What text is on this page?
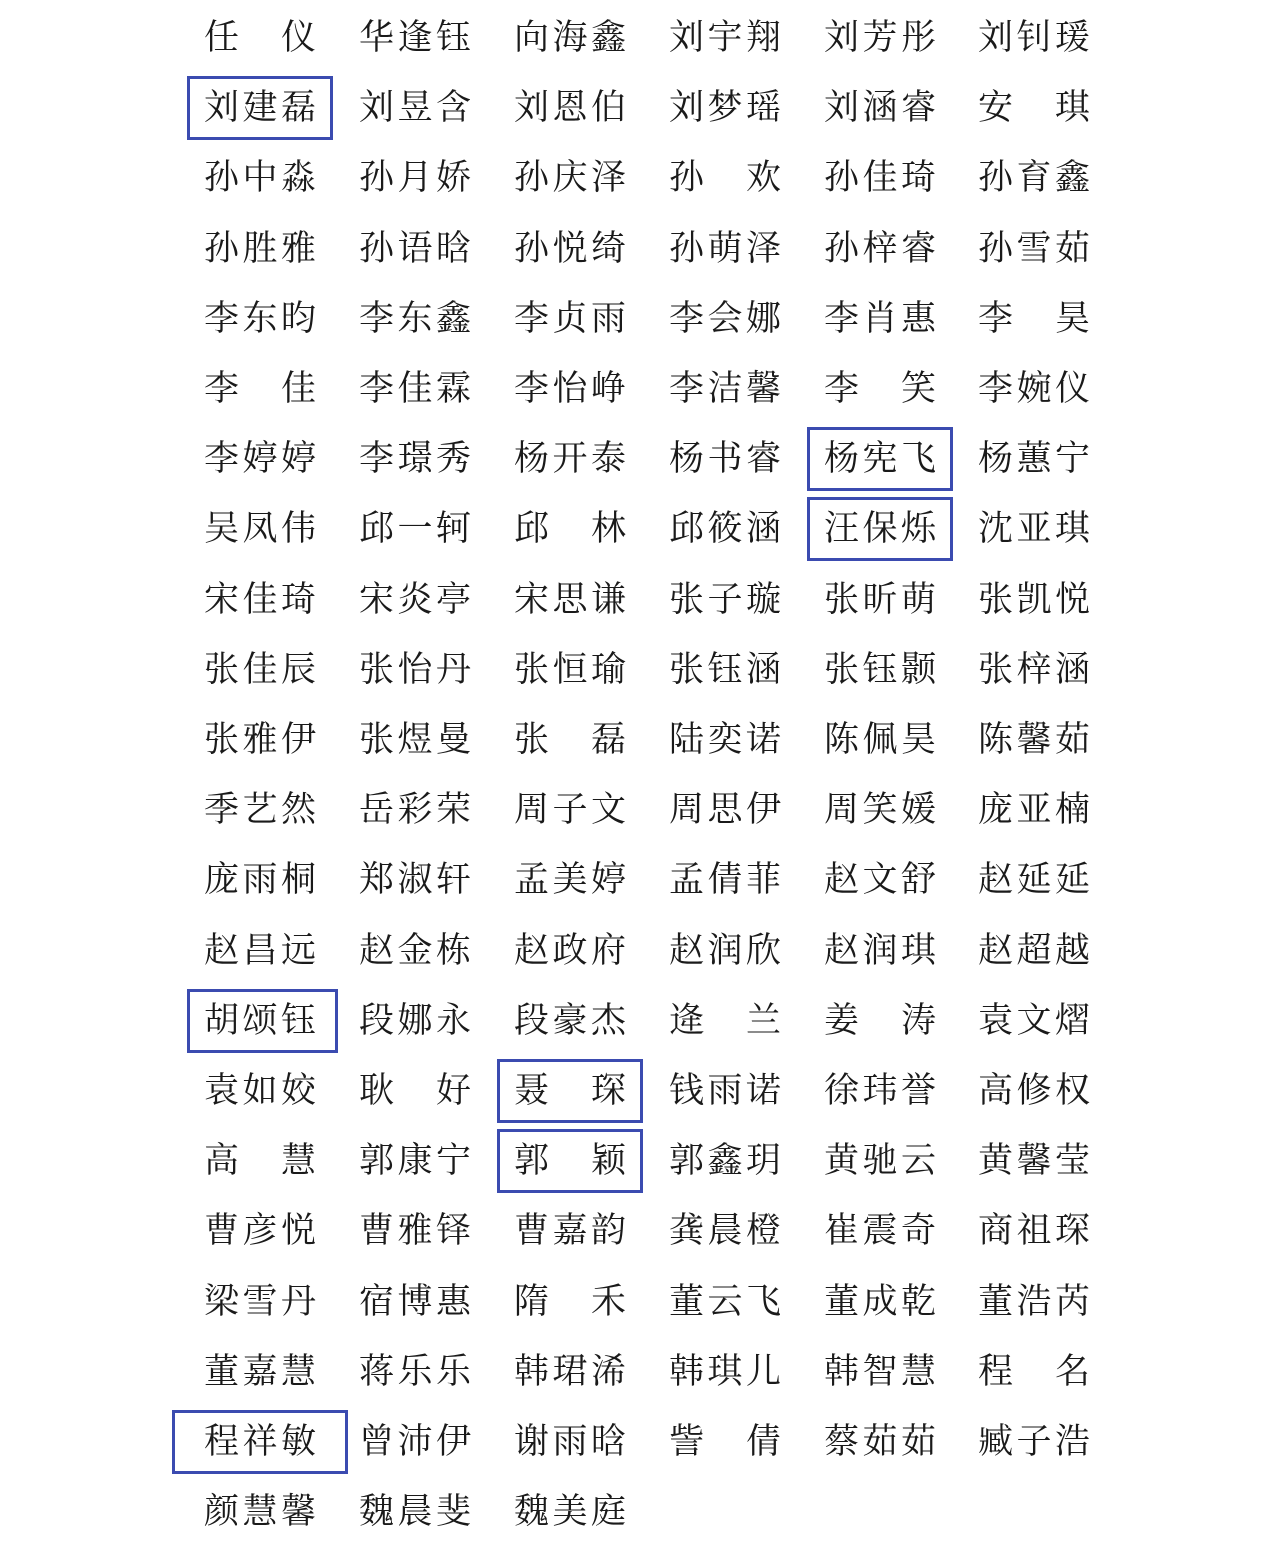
任 仪 华 逢 钰 向 海 鑫 刘 宇 翔 刘 芳 彤 刘 钊 瑗
刘 建 磊 刘 昱 含 刘 恩 伯 刘 梦 瑶 刘 涵 睿 安 琪
孙 中 淼 孙 月 娇 孙 庆 泽 孙 欢 孙 佳 琦 孙 育 鑫
孙 胜 雅 孙 语 晗 孙 悦 绮 孙 萌 泽 孙 梓 睿 孙 雪 茹
李 东 昀 李 东 鑫 李 贞 雨 李 会 娜 李 肖 惠 李 昊
李 佳 李 佳 霖 李 怡 峥 李 洁 馨 李 笑 李 婉 仪
李 婷 婷 李 璟 秀 杨 开 泰 杨 书 睿 杨 宪 飞 杨 蕙 宁
吴 凤 伟 邱 一 轲 邱 林 邱 筱 涵 汪 保 烁 沈 亚 琪
宋 佳 琦 宋 炎 亭 宋 思 谦 张 子 璇 张 昕 萌 张 凯 悦
张 佳 辰 张 怡 丹 张 恒 瑜 张 钰 涵 张 钰 颢 张 梓 涵
张 雅 伊 张 煜 曼 张 磊 陆 奕 诺 陈 佩 昊 陈 馨 茹
季 艺 然 岳 彩 荣 周 子 文 周 思 伊 周 笑 媛 庞 亚 楠
庞 雨 桐 郑 淑 轩 孟 美 婷 孟 倩 菲 赵 文 舒 赵 延 延
赵 昌 远 赵 金 栋 赵 政 府 赵 润 欣 赵 润 琪 赵 超 越
胡 颂 钰 段 娜 永 段 豪 杰 逄 兰 姜 涛 袁 文 熠
袁 如 姣 耿 好 聂 琛 钱 雨 诺 徐 玮 誉 高 修 权
高 慧 郭 康 宁 郭 颖 郭 鑫 玥 黄 驰 云 黄 馨 莹
曹 彦 悦 曹 雅 铎 曹 嘉 韵 龚 晨 橙 崔 震 奇 商 祖 琛
梁 雪 丹 宿 博 惠 隋 禾 董 云 飞 董 成 乾 董 浩 芮
董 嘉 慧 蒋 乐 乐 韩 珺 浠 韩 琪 儿 韩 智 慧 程 名
程 祥 敏 曾 沛 伊 谢 雨 晗 訾 倩 蔡 茹 茹 臧 子 浩
颜 慧 馨 魏 晨 斐 魏 美 庭
